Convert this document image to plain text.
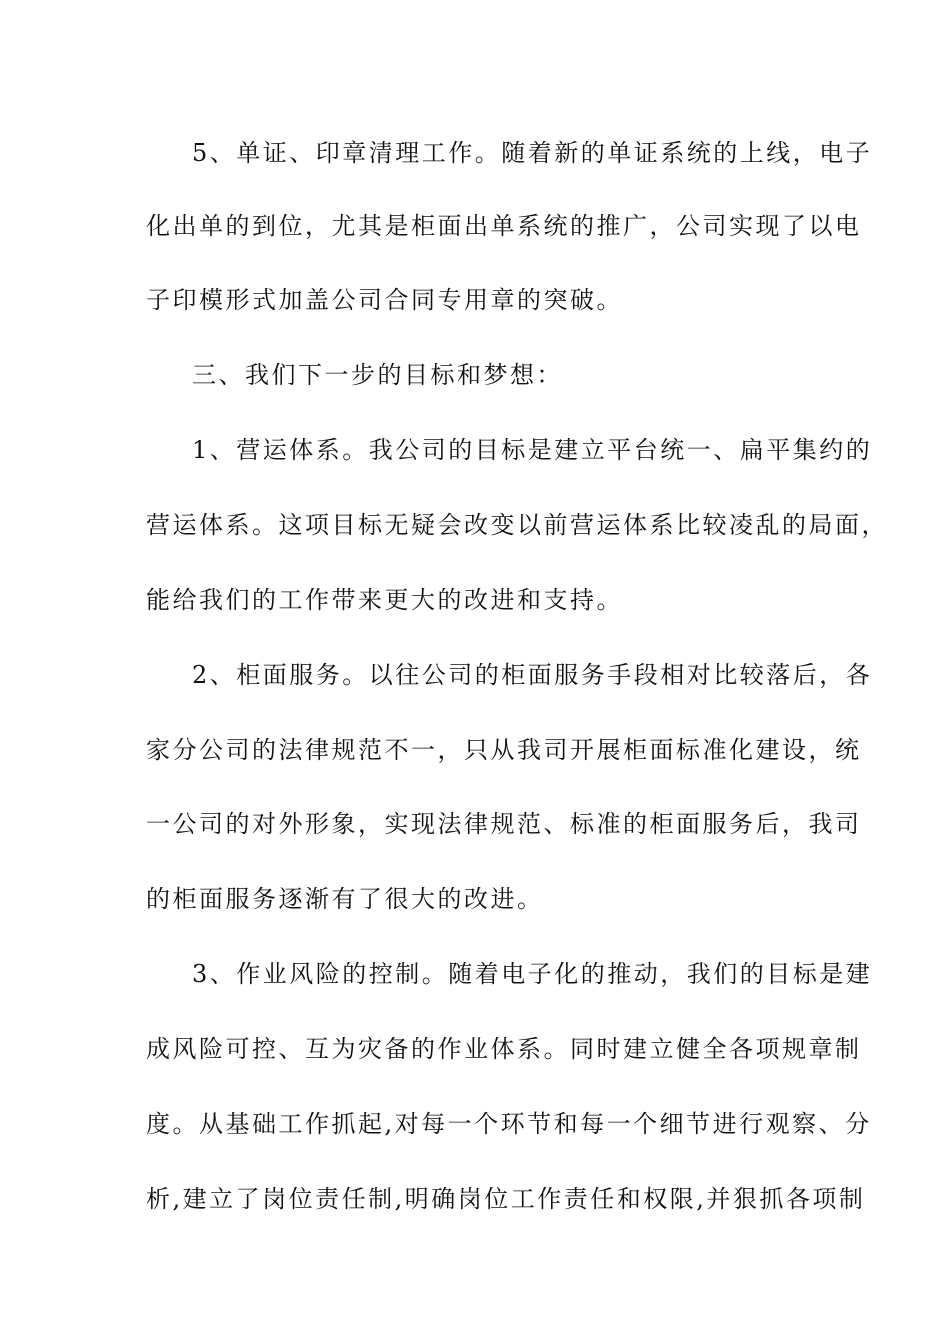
5、单证、印章清理工作。随着新的单证系统的上线，电子
化出单的到位，尤其是柜面出单系统的推广，公司实现了以电
子印模形式加盖公司合同专用章的突破。
三、我们下一步的目标和梦想：
1、营运体系。我公司的目标是建立平台统一、扁平集约的
营运体系。这项目标无疑会改变以前营运体系比较凌乱的局面，
能给我们的工作带来更大的改进和支持。
2、柜面服务。以往公司的柜面服务手段相对比较落后，各
家分公司的法律规范不一，只从我司开展柜面标准化建设，统
一公司的对外形象，实现法律规范、标准的柜面服务后，我司
的柜面服务逐渐有了很大的改进。
3、作业风险的控制。随着电子化的推动，我们的目标是建
成风险可控、互为灾备的作业体系。同时建立健全各项规章制
度。从基础工作抓起,对每一个环节和每一个细节进行观察、分
析,建立了岗位责任制,明确岗位工作责任和权限,并狠抓各项制
